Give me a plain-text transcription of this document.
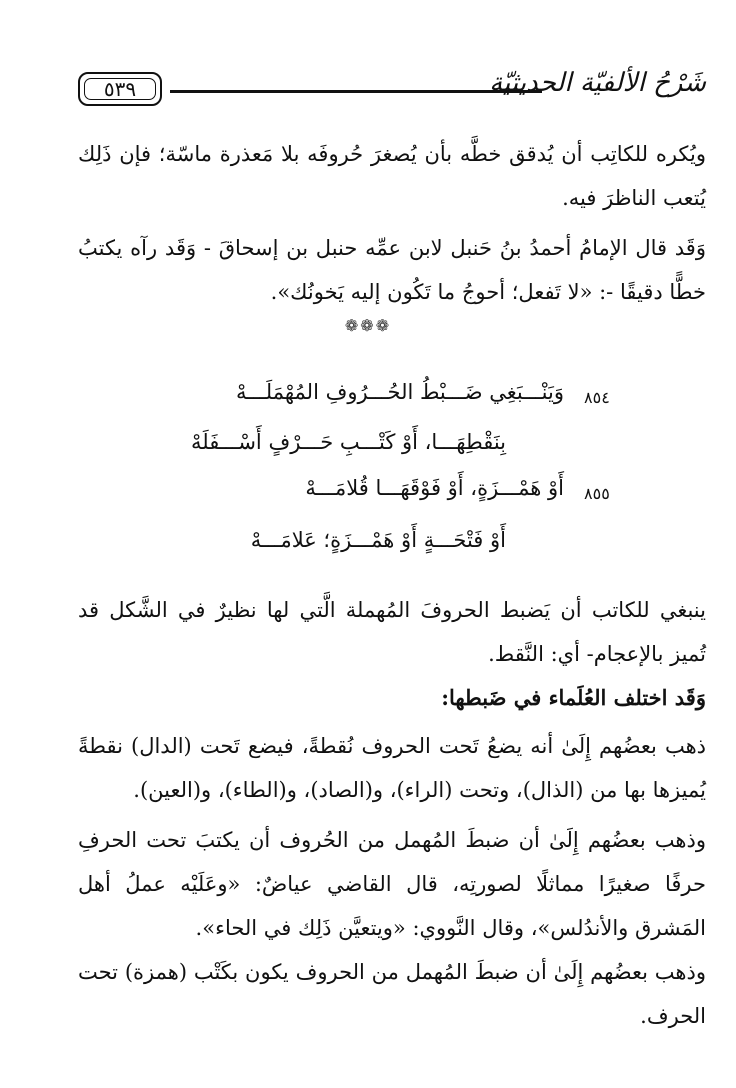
٥٣٩	شَرْحُ الألفيّة الحديثيّة

ويُكره للكاتِب أن يُدقق خطَّه بأن يُصغرَ حُروفَه بلا مَعذرة ماسّة؛ فإن ذَلِك يُتعب الناظرَ فيه.

وَقَد قال الإمامُ أحمدُ بنُ حَنبل لابن عمِّه حنبل بن إسحاقَ - وَقَد رآه يكتبُ خطًّا دقيقًا -: «لا تَفعل؛ أحوجُ ما تَكُون إليه يَخونُك».

❁❁❁
٨٥٤
وَيَنْـــبَغِي ضَـــبْطُ الحُـــرُوفِ المُهْمَلَـــهْ
بِنَقْطِهَـــا، أَوْ كَتْـــبِ حَـــرْفٍ أَسْـــفَلَهْ
٨٥٥
أَوْ هَمْـــزَةٍ، أَوْ فَوْقَهَـــا قُلامَـــهْ
أَوْ فَتْحَـــةٍ أَوْ هَمْـــزَةٍ؛ عَلامَـــهْ

ينبغي للكاتب أن يَضبط الحروفَ المُهملة الَّتي لها نظيرٌ في الشَّكل قد تُميز بالإعجام- أي: النَّقط.

وَقَد اختلف العُلَماء في ضَبطها:

ذهب بعضُهم إِلَىٰ أنه يضعُ تَحت الحروف نُقطةً، فيضع تَحت (الدال) نقطةً يُميزها بها من (الذال)، وتحت (الراء)، و(الصاد)، و(الطاء)، و(العين).

وذهب بعضُهم إِلَىٰ أن ضبطَ المُهمل من الحُروف أن يكتبَ تحت الحرفِ حرفًا صغيرًا مماثلًا لصورتِه، قال القاضي عياضٌ: «وعَلَيْه عملُ أهل المَشرق والأندُلس»، وقال النَّووي: «ويتعيَّن ذَلِك في الحاء».

وذهب بعضُهم إِلَىٰ أن ضبطَ المُهمل من الحروف يكون بكَتْب (همزة) تحت الحرف.
